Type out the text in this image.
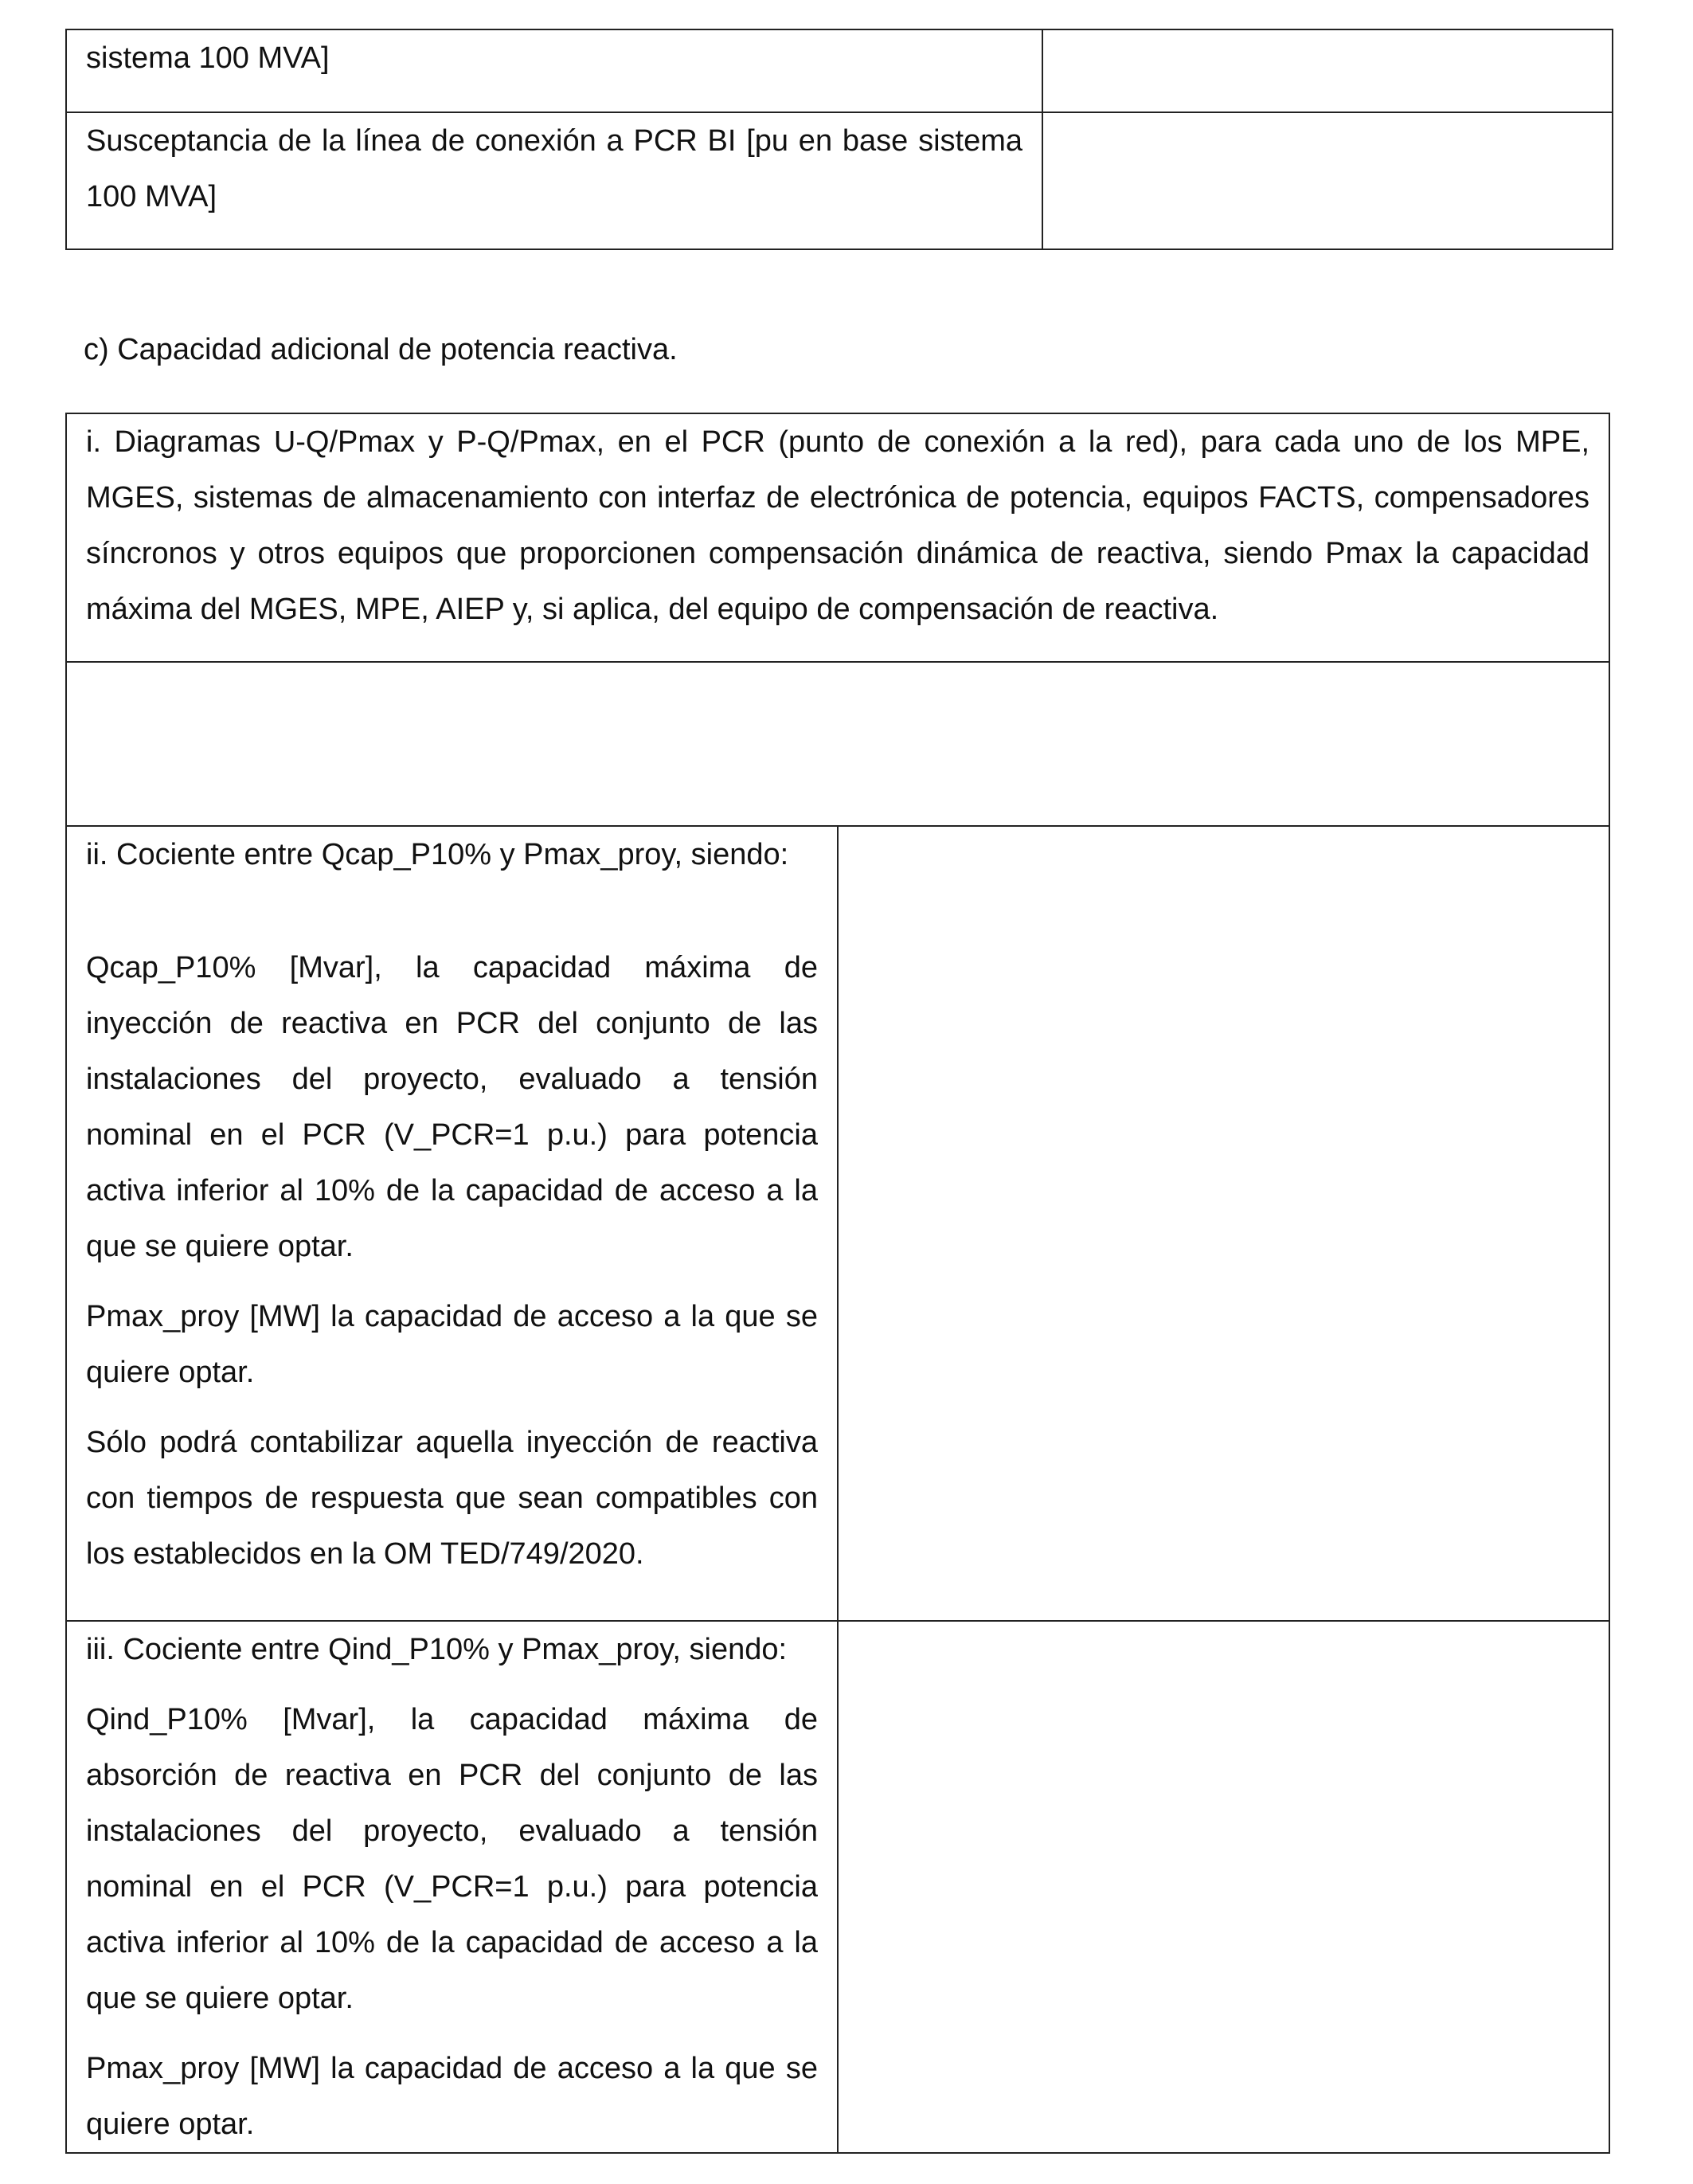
sistema 100 MVA]	

Susceptancia de la línea de conexión a PCR BI [pu en base sistema 100 MVA]	

c) Capacidad adicional de potencia reactiva.

i. Diagramas U-Q/Pmax y P-Q/Pmax, en el PCR (punto de conexión a la red), para cada uno de los MPE, MGES, sistemas de almacenamiento con interfaz de electrónica de potencia, equipos FACTS, compensadores síncronos y otros equipos que proporcionen compensación dinámica de reactiva, siendo Pmax la capacidad máxima del MGES, MPE, AIEP y, si aplica, del equipo de compensación de reactiva.	

ii. Cociente entre Qcap_P10% y Pmax_proy, siendo:

Qcap_P10% [Mvar], la capacidad máxima de inyección de reactiva en PCR del conjunto de las instalaciones del proyecto, evaluado a tensión nominal en el PCR (V_PCR=1 p.u.) para potencia activa inferior al 10% de la capacidad de acceso a la que se quiere optar.

Pmax_proy [MW] la capacidad de acceso a la que se quiere optar.

Sólo podrá contabilizar aquella inyección de reactiva con tiempos de respuesta que sean compatibles con los establecidos en la OM TED/749/2020.	

iii. Cociente entre Qind_P10% y Pmax_proy, siendo:

Qind_P10% [Mvar], la capacidad máxima de absorción de reactiva en PCR del conjunto de las instalaciones del proyecto, evaluado a tensión nominal en el PCR (V_PCR=1 p.u.) para potencia activa inferior al 10% de la capacidad de acceso a la que se quiere optar.

Pmax_proy [MW] la capacidad de acceso a la que se quiere optar.	
